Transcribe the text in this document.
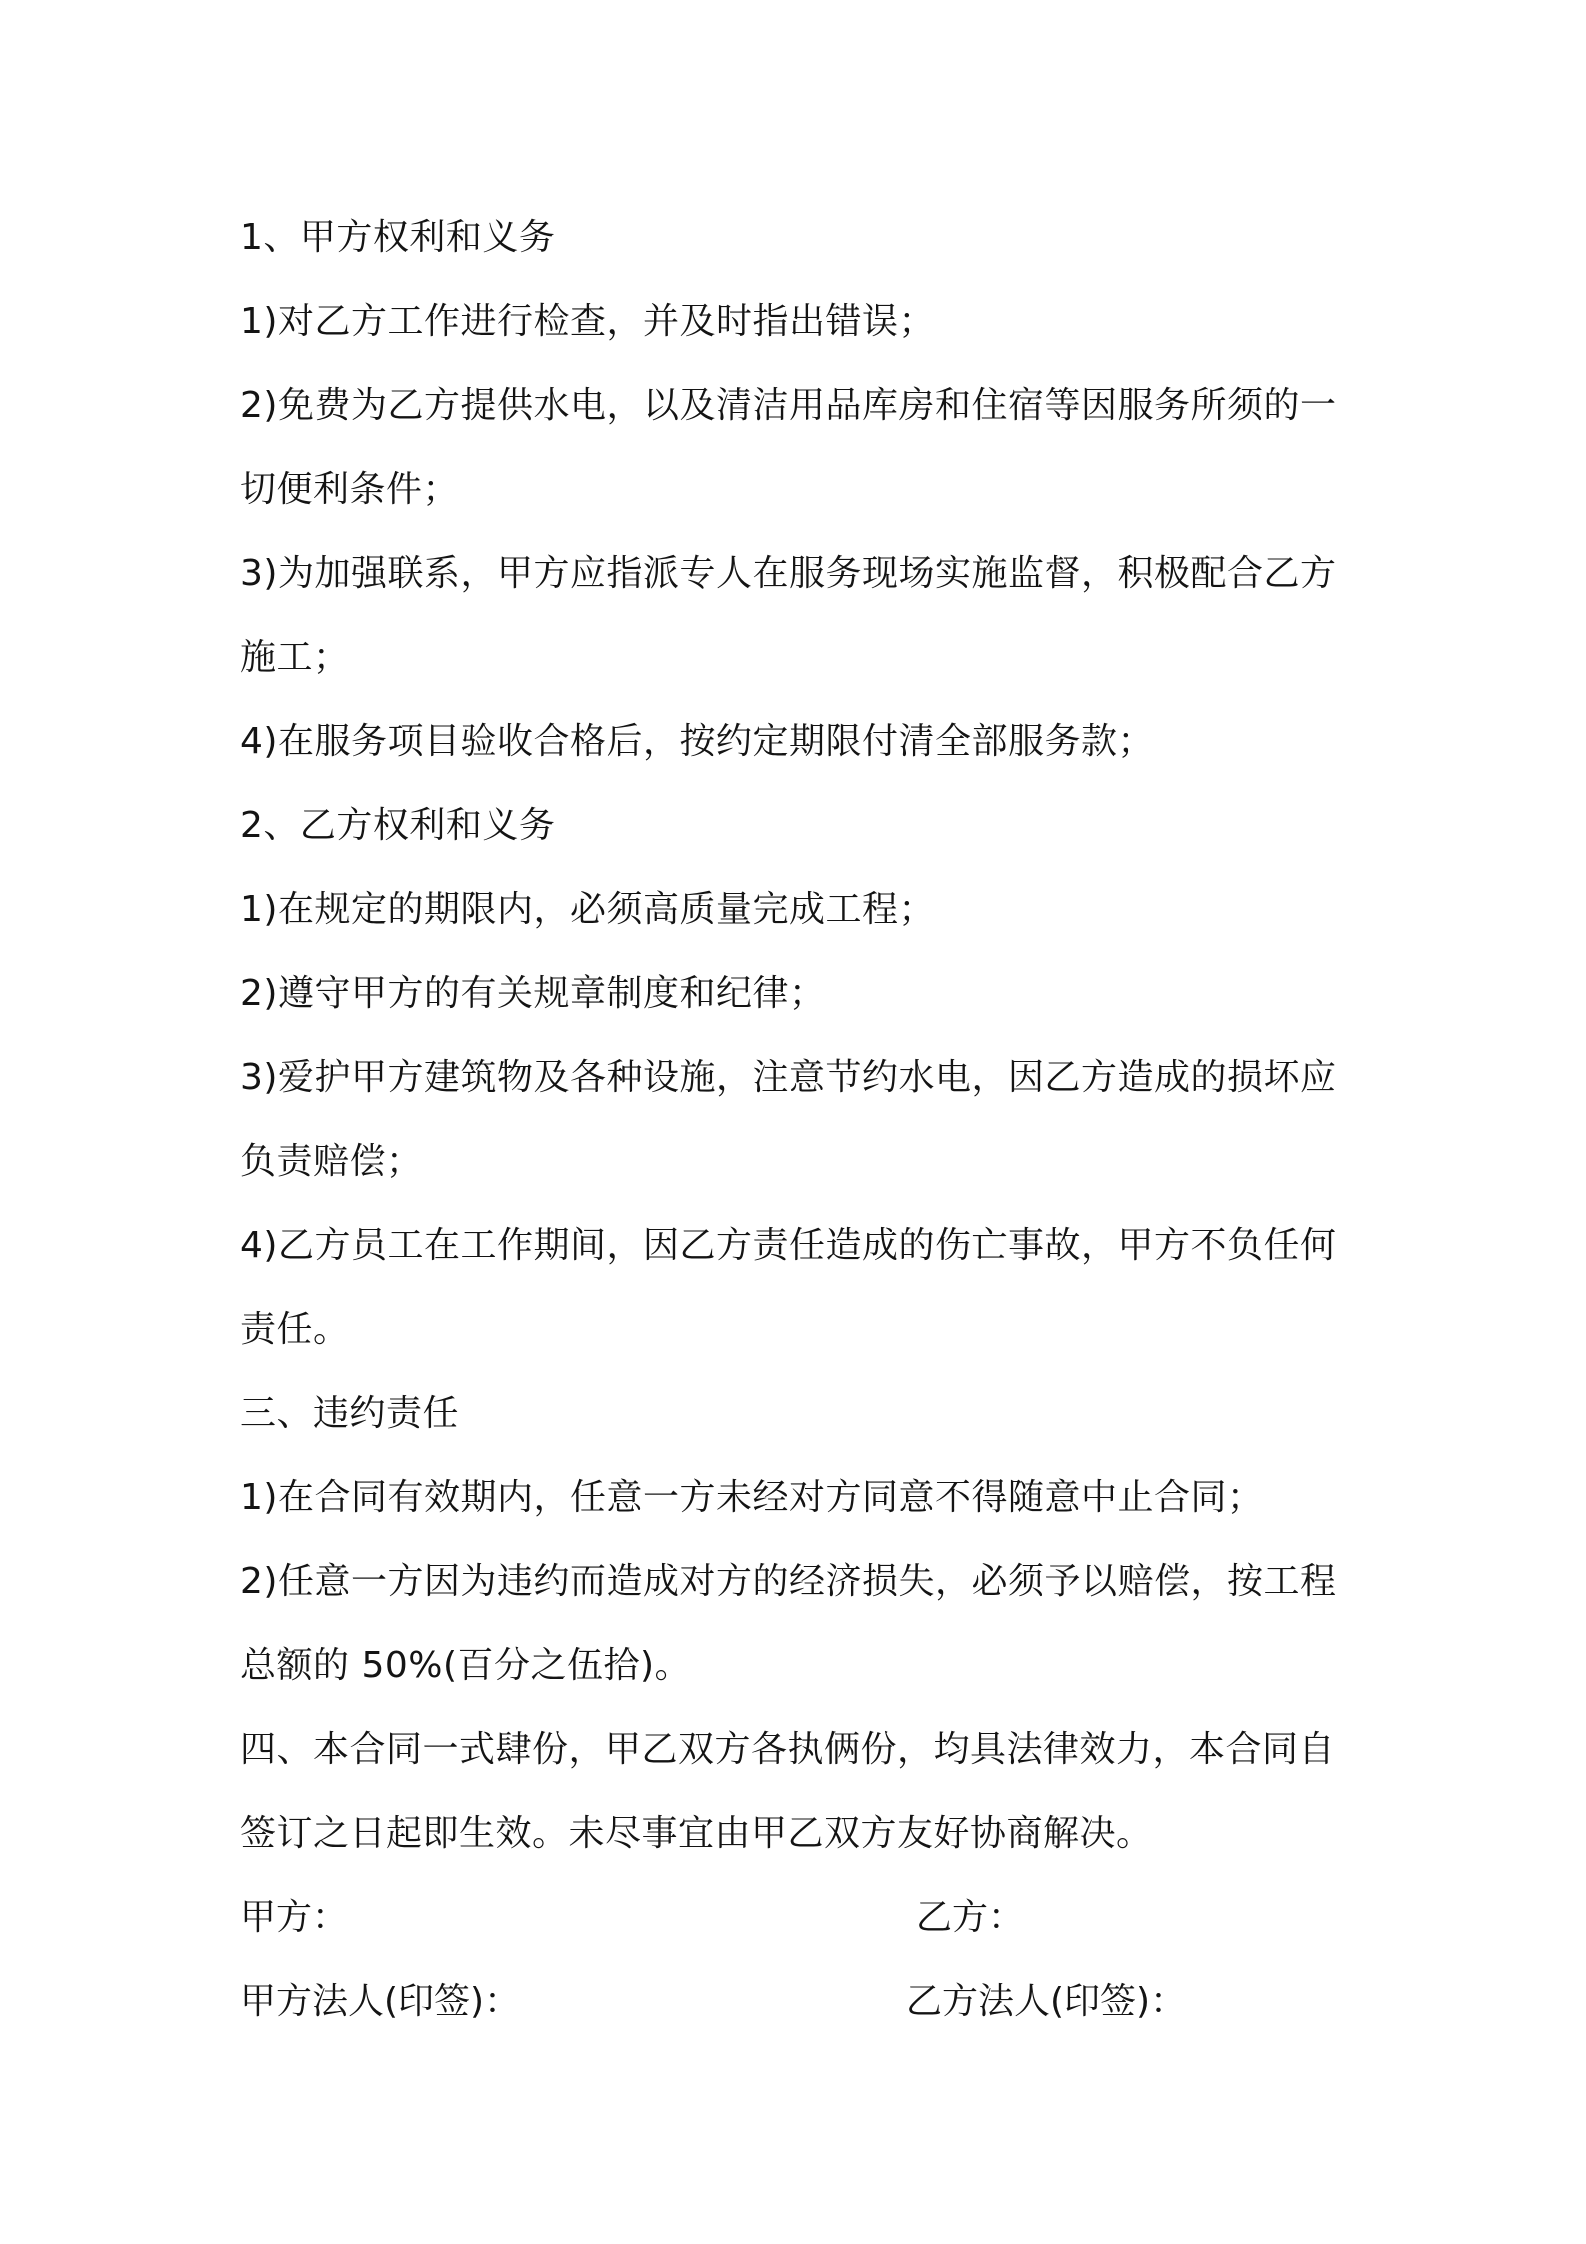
1、甲方权利和义务
1)对乙方工作进行检查，并及时指出错误；
2)免费为乙方提供水电，以及清洁用品库房和住宿等因服务所须的一
切便利条件；
3)为加强联系，甲方应指派专人在服务现场实施监督，积极配合乙方
施工；
4)在服务项目验收合格后，按约定期限付清全部服务款；
2、乙方权利和义务
1)在规定的期限内，必须高质量完成工程；
2)遵守甲方的有关规章制度和纪律；
3)爱护甲方建筑物及各种设施，注意节约水电，因乙方造成的损坏应
负责赔偿；
4)乙方员工在工作期间，因乙方责任造成的伤亡事故，甲方不负任何
责任。
三、违约责任
1)在合同有效期内，任意一方未经对方同意不得随意中止合同；
2)任意一方因为违约而造成对方的经济损失，必须予以赔偿，按工程
总额的 50%(百分之伍拾)。
四、本合同一式肆份，甲乙双方各执俩份，均具法律效力，本合同自
签订之日起即生效。未尽事宜由甲乙双方友好协商解决。
甲方：	乙方：
甲方法人(印签)：	乙方法人(印签)：
